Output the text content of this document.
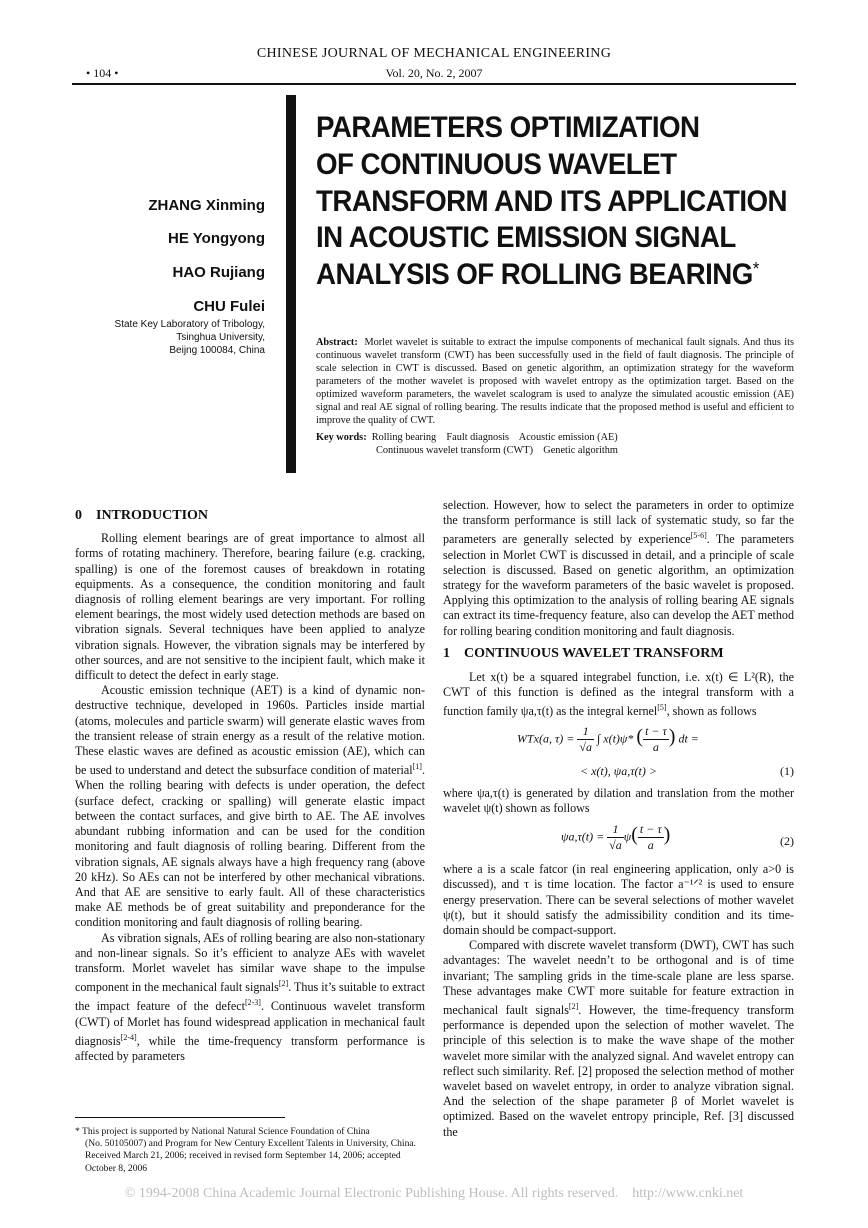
CHINESE JOURNAL OF MECHANICAL ENGINEERING
• 104 •	Vol. 20, No. 2, 2007
PARAMETERS OPTIMIZATION
OF CONTINUOUS WAVELET
TRANSFORM AND ITS APPLICATION
IN ACOUSTIC EMISSION SIGNAL
ANALYSIS OF ROLLING BEARING*
ZHANG Xinming
HE Yongyong
HAO Rujiang
CHU Fulei
State Key Laboratory of Tribology,
Tsinghua University,
Beijng 100084, China
Abstract: Morlet wavelet is suitable to extract the impulse components of mechanical fault signals. And thus its continuous wavelet transform (CWT) has been successfully used in the field of fault diagnosis. The principle of scale selection in CWT is discussed. Based on genetic algorithm, an optimization strategy for the waveform parameters of the mother wavelet is proposed with wavelet entropy as the optimization target. Based on the optimized waveform parameters, the wavelet scalogram is used to analyze the simulated acoustic emission (AE) signal and real AE signal of rolling bearing. The results indicate that the proposed method is useful and efficient to improve the quality of CWT.
Key words: Rolling bearing    Fault diagnosis    Acoustic emission (AE)
Continuous wavelet transform (CWT)    Genetic algorithm
0    INTRODUCTION

Rolling element bearings are of great importance to almost all forms of rotating machinery. Therefore, bearing failure (e.g. cracking, spalling) is one of the foremost causes of breakdown in rotating equipments. As a consequence, the condition monitoring and fault diagnosis of rolling element bearings are very important. For rolling element bearings, the most widely used detection methods are based on vibration signals. Several techniques have been applied to analyze vibration signals. However, the vibration signals may be interfered by other sources, and are not sensitive to the incipient fault, which make it difficult to detect the defect in early stage.

Acoustic emission technique (AET) is a kind of dynamic non-destructive technique, developed in 1960s. Particles inside martial (atoms, molecules and particle swarm) will generate elastic waves from the transient release of strain energy as a result of the relative motion. These elastic waves are defined as acoustic emission (AE), which can be used to understand and detect the subsurface condition of material[1]. When the rolling bearing with defects is under operation, the defect (surface defect, cracking or spalling) will generate elastic impact between the contact surfaces, and give birth to AE. The AE involves abundant rubbing information and can be used for the condition monitoring and fault diagnosis of rolling bearing. Different from the vibration signals, AE signals always have a high frequency rang (above 20 kHz). So AEs can not be interfered by other mechanical vibrations. And that AE are sensitive to early fault. All of these characteristics make AE methods be of great suitability and preponderance for the condition monitoring and fault diagnosis of rolling bearing.

As vibration signals, AEs of rolling bearing are also non-stationary and non-linear signals. So it’s efficient to analyze AEs with wavelet transform. Morlet wavelet has similar wave shape to the impulse component in the mechanical fault signals[2]. Thus it’s suitable to extract the impact feature of the defect[2-3]. Continuous wavelet transform (CWT) of Morlet has found widespread application in mechanical fault diagnosis[2-4], while the time-frequency transform performance is affected by parameters

* This project is supported by National Natural Science Foundation of China
(No. 50105007) and Program for New Century Excellent Talents in University, China. Received March 21, 2006; received in revised form September 14, 2006; accepted October 8, 2006

selection. However, how to select the parameters in order to optimize the transform performance is still lack of systematic study, so far the parameters are generally selected by experience[5-6]. The parameters selection in Morlet CWT is discussed in detail, and a principle of scale selection is discussed. Based on genetic algorithm, an optimization strategy for the waveform parameters of the basic wavelet is proposed. Applying this optimization to the analysis of rolling bearing AE signals can extract its time-frequency feature, also can develop the AET method for rolling bearing condition monitoring and fault diagnosis.

1    CONTINUOUS WAVELET TRANSFORM

Let x(t) be a squared integrabel function, i.e. x(t) ∈ L²(R), the CWT of this function is defined as the integral transform with a function family ψa,τ(t) as the integral kernel[5], shown as follows

WTx(a, $\tau) = \frac{1}{√a}$ ∫ x(t)ψ* ( $\frac{t - \tau}{a}$ ) dt =
< x(t), ψa,τ(t) >	(1)

where ψa,τ(t) is generated by dilation and translation from the mother wavelet ψ(t) shown as follows

$\psi a,\tau(t) = \frac{1}{√a} \psi( \frac{t - \tau}{a}$ )	(2)

where a is a scale fatcor (in real engineering application, only a>0 is discussed), and τ is time location. The factor a⁻¹ᐟ² is used to ensure energy preservation. There can be several selections of mother wavelet ψ(t), but it should satisfy the admissibility condition and its time-domain should be compact-support.

Compared with discrete wavelet transform (DWT), CWT has such advantages: The wavelet needn’t to be orthogonal and is of time invariant; The sampling grids in the time-scale plane are less sparse. These advantages make CWT more suitable for feature extraction in mechanical fault signals[2]. However, the time-frequency transform performance is depended upon the selection of mother wavelet. The principle of this selection is to make the wave shape of the mother wavelet more similar with the analyzed signal. And wavelet entropy can reflect such similarity. Ref. [2] proposed the selection method of mother wavelet based on wavelet entropy, in order to analyze vibration signal. And the selection of the shape parameter β of Morlet wavelet is optimized. Based on the wavelet entropy principle, Ref. [3] discussed the

© 1994-2008 China Academic Journal Electronic Publishing House. All rights reserved.    http://www.cnki.net
